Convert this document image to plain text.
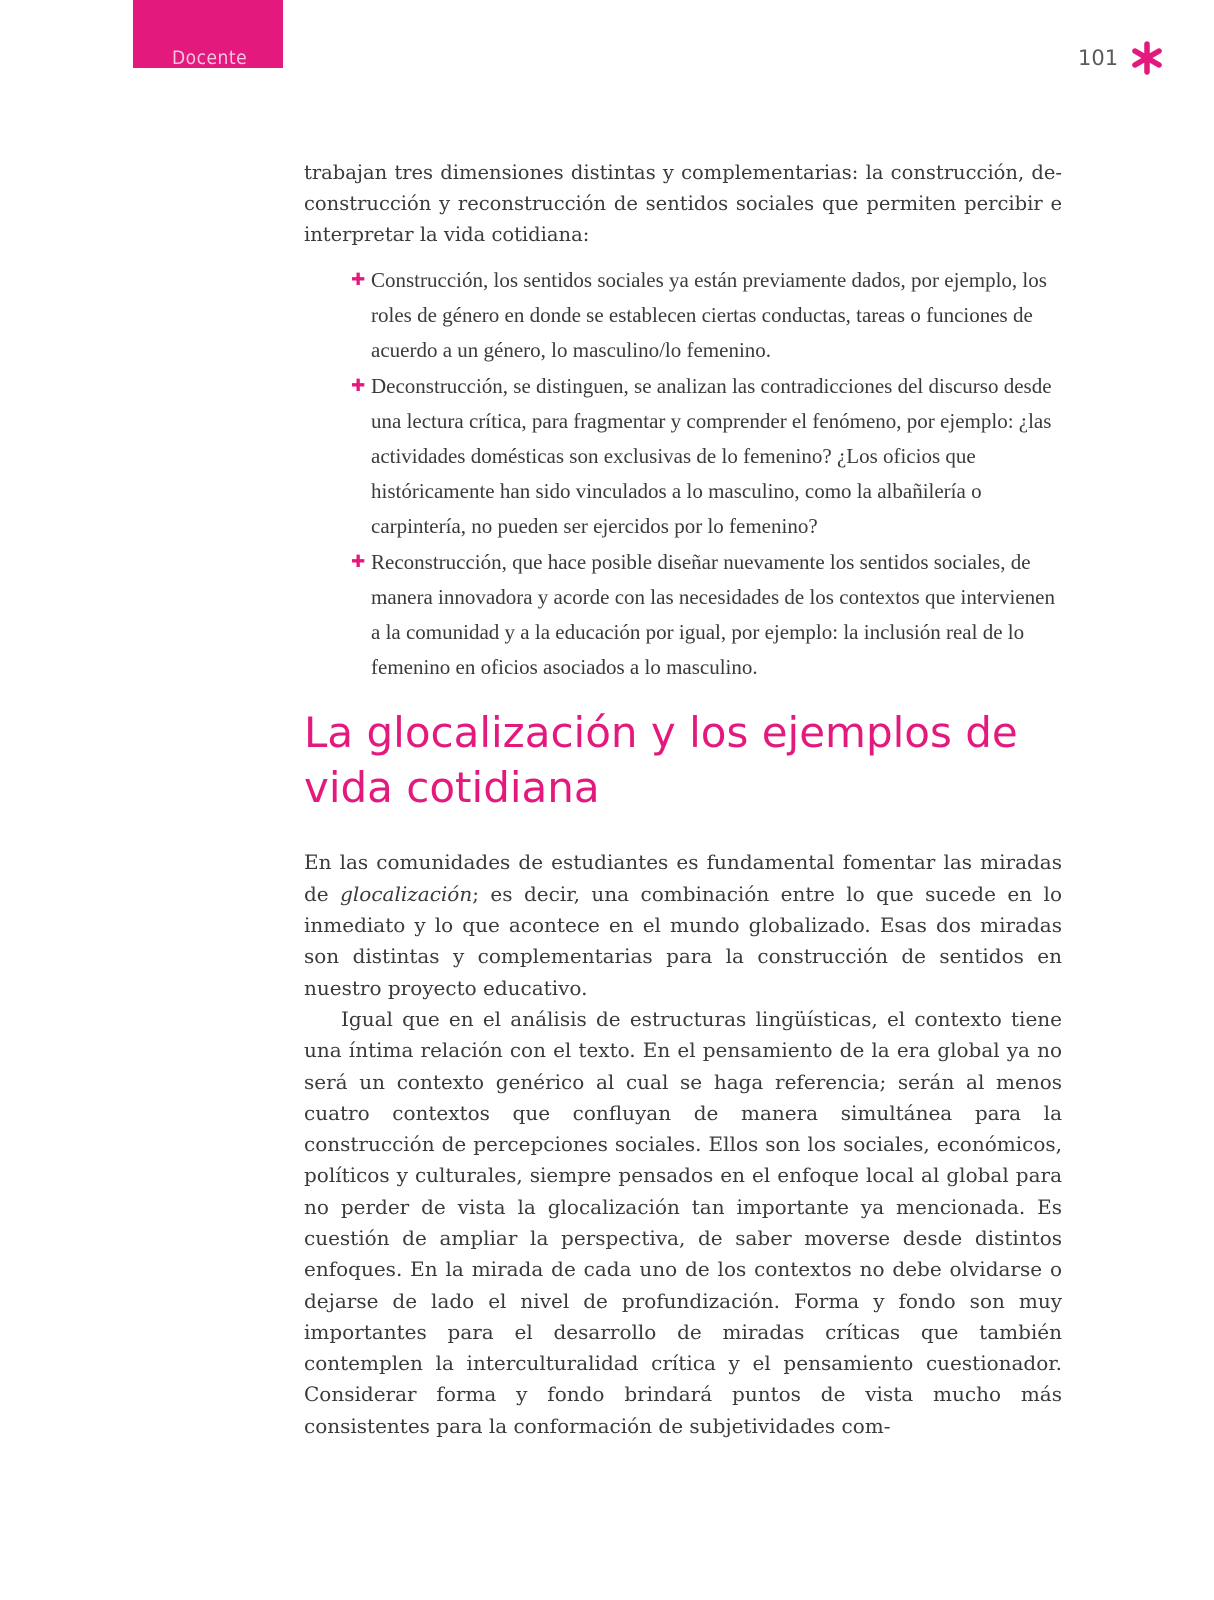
Docente	101

trabajan tres dimensiones distintas y complementarias: la construcción, de-construcción y reconstrucción de sentidos sociales que permiten percibir e interpretar la vida cotidiana:

✚ Construcción, los sentidos sociales ya están previamente dados, por ejemplo, los roles de género en donde se establecen ciertas conductas, tareas o funciones de acuerdo a un género, lo masculino/lo femenino.
✚ Deconstrucción, se distinguen, se analizan las contradicciones del discurso desde una lectura crítica, para fragmentar y comprender el fenómeno, por ejemplo: ¿las actividades domésticas son exclusivas de lo femenino? ¿Los oficios que históricamente han sido vinculados a lo masculino, como la albañilería o carpintería, no pueden ser ejercidos por lo femenino?
✚ Reconstrucción, que hace posible diseñar nuevamente los sentidos sociales, de manera innovadora y acorde con las necesidades de los contextos que intervienen a la comunidad y a la educación por igual, por ejemplo: la inclusión real de lo femenino en oficios asociados a lo masculino.
La glocalización y los ejemplos de vida cotidiana

En las comunidades de estudiantes es fundamental fomentar las miradas de glocalización; es decir, una combinación entre lo que sucede en lo inmediato y lo que acontece en el mundo globalizado. Esas dos miradas son distintas y complementarias para la construcción de sentidos en nuestro proyecto educativo.

Igual que en el análisis de estructuras lingüísticas, el contexto tiene una íntima relación con el texto. En el pensamiento de la era global ya no será un contexto genérico al cual se haga referencia; serán al menos cuatro contextos que confluyan de manera simultánea para la construcción de percepciones sociales. Ellos son los sociales, económicos, políticos y culturales, siempre pensados en el enfoque local al global para no perder de vista la glocalización tan importante ya mencionada. Es cuestión de ampliar la perspectiva, de saber moverse desde distintos enfoques. En la mirada de cada uno de los contextos no debe olvidarse o dejarse de lado el nivel de profundización. Forma y fondo son muy importantes para el desarrollo de miradas críticas que también contemplen la interculturalidad crítica y el pensamiento cuestionador. Considerar forma y fondo brindará puntos de vista mucho más consistentes para la conformación de subjetividades com-
